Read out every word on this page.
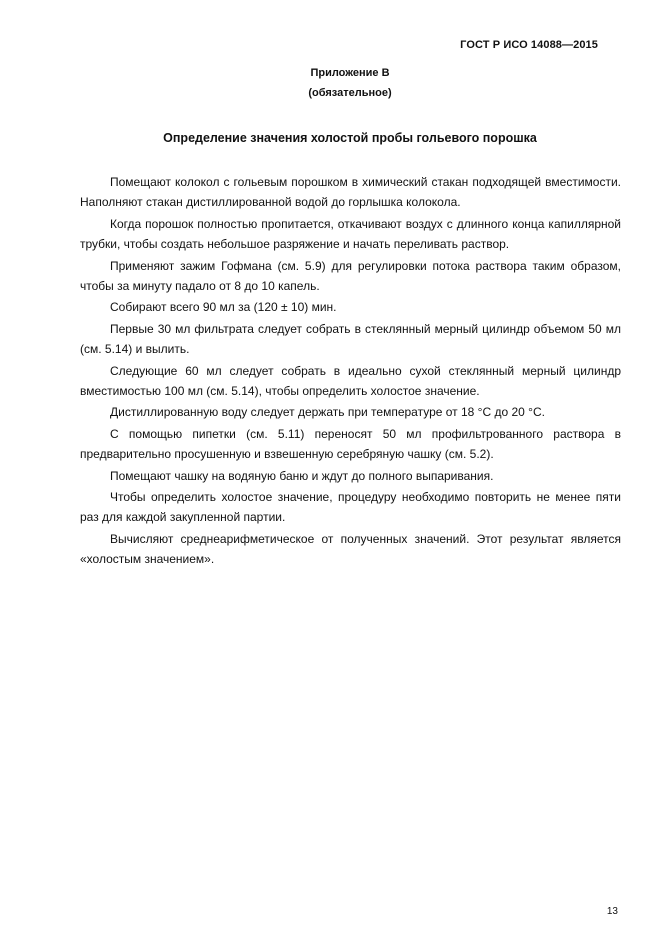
ГОСТ Р ИСО 14088—2015
Приложение В
(обязательное)
Определение значения холостой пробы гольевого порошка

Помещают колокол с гольевым порошком в химический стакан подходящей вместимости. Наполняют стакан дистиллированной водой до горлышка колокола.

Когда порошок полностью пропитается, откачивают воздух с длинного конца капиллярной трубки, чтобы создать небольшое разряжение и начать переливать раствор.

Применяют зажим Гофмана (см. 5.9) для регулировки потока раствора таким образом, чтобы за минуту падало от 8 до 10 капель.

Собирают всего 90 мл за (120 ± 10) мин.

Первые 30 мл фильтрата следует собрать в стеклянный мерный цилиндр объемом 50 мл (см. 5.14) и вылить.

Следующие 60 мл следует собрать в идеально сухой стеклянный мерный цилиндр вместимостью 100 мл (см. 5.14), чтобы определить холостое значение.

Дистиллированную воду следует держать при температуре от 18 °С до 20 °С.

С помощью пипетки (см. 5.11) переносят 50 мл профильтрованного раствора в предварительно просушенную и взвешенную серебряную чашку (см. 5.2).

Помещают чашку на водяную баню и ждут до полного выпаривания.

Чтобы определить холостое значение, процедуру необходимо повторить не менее пяти раз для каждой закупленной партии.

Вычисляют среднеарифметическое от полученных значений. Этот результат является «холостым значением».

13
